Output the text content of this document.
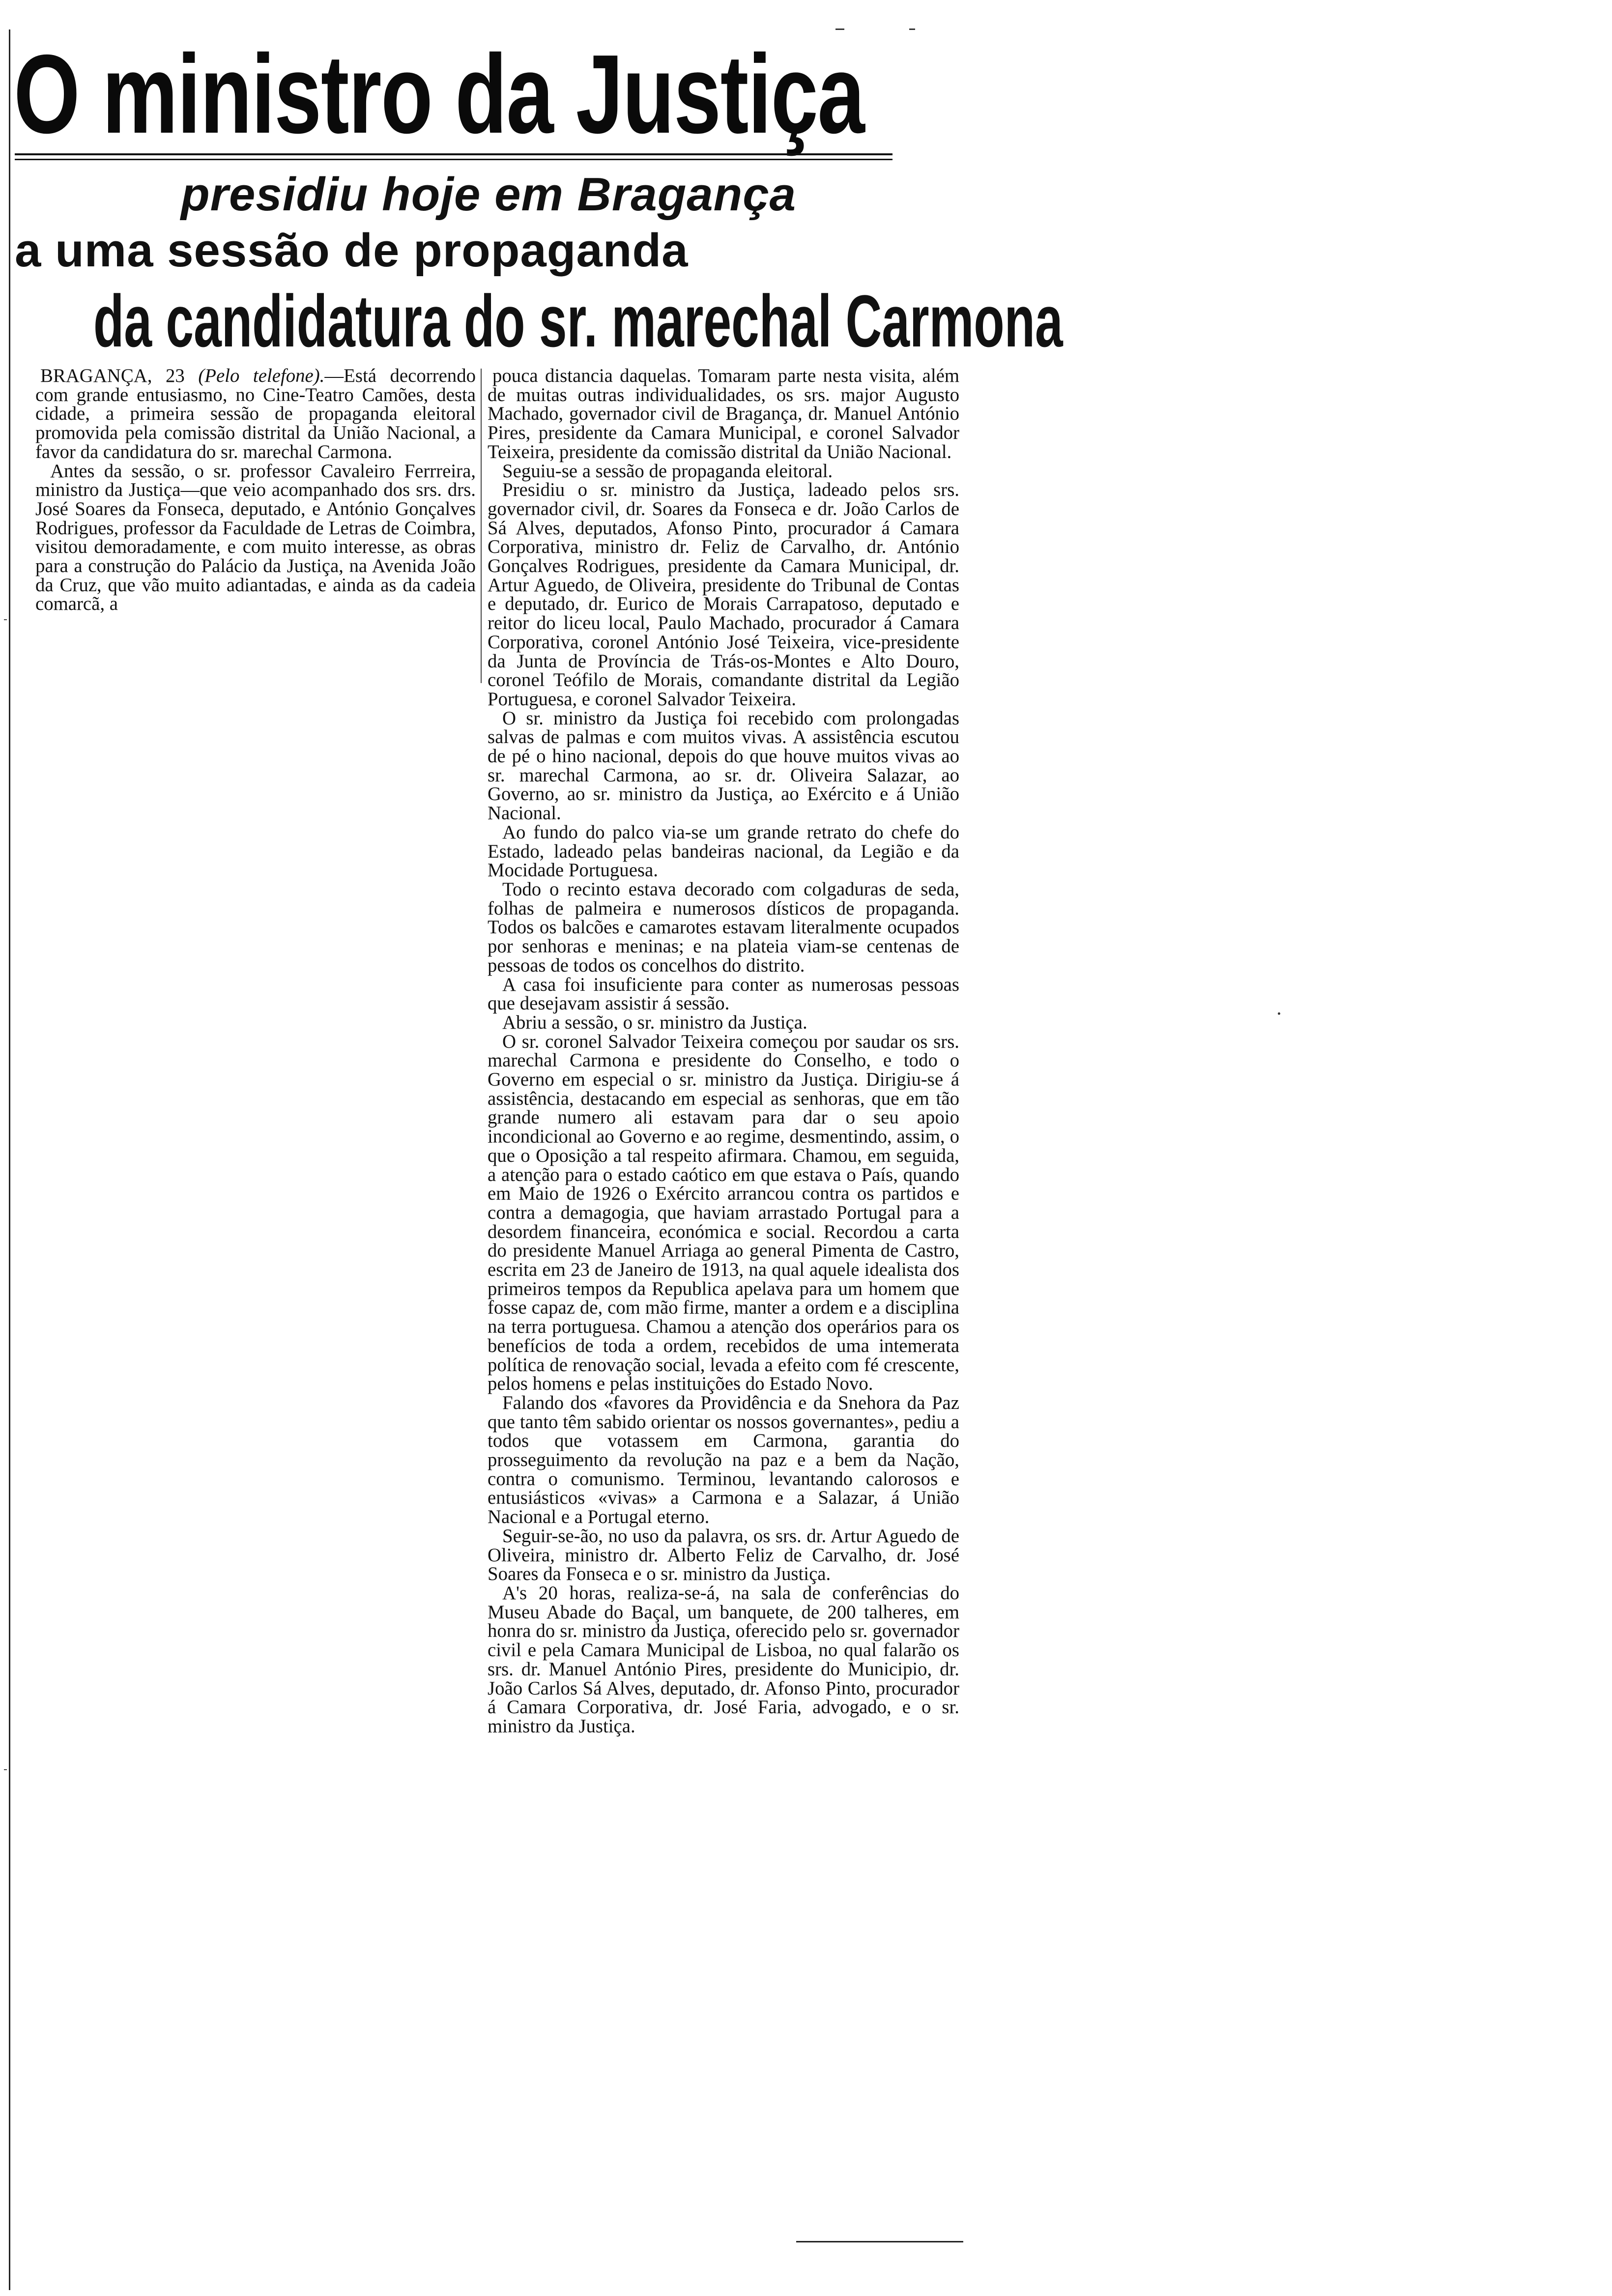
O ministro da Justiça
presidiu hoje em Bragança
a uma sessão de propaganda
da candidatura do sr. marechal Carmona

BRAGANÇA, 23 (Pelo telefone).—Está decorrendo com grande entusiasmo, no Cine-Teatro Camões, desta cidade, a primeira sessão de propaganda eleitoral promovida pela comissão distrital da União Nacional, a favor da candidatura do sr. marechal Carmona.

Antes da sessão, o sr. professor Cavaleiro Ferrreira, ministro da Justiça—que veio acompanhado dos srs. drs. José Soares da Fonseca, deputado, e António Gonçalves Rodrigues, professor da Faculdade de Letras de Coimbra, visitou demoradamente, e com muito interesse, as obras para a construção do Palácio da Justiça, na Avenida João da Cruz, que vão muito adiantadas, e ainda as da cadeia comarcã, a

pouca distancia daquelas. Tomaram parte nesta visita, além de muitas outras individualidades, os srs. major Augusto Machado, governador civil de Bragança, dr. Manuel António Pires, presidente da Camara Municipal, e coronel Salvador Teixeira, presidente da comissão distrital da União Nacional.

Seguiu-se a sessão de propaganda eleitoral.

Presidiu o sr. ministro da Justiça, ladeado pelos srs. governador civil, dr. Soares da Fonseca e dr. João Carlos de Sá Alves, deputados, Afonso Pinto, procurador á Camara Corporativa, ministro dr. Feliz de Carvalho, dr. António Gonçalves Rodrigues, presidente da Camara Municipal, dr. Artur Aguedo, de Oliveira, presidente do Tribunal de Contas e deputado, dr. Eurico de Morais Carrapatoso, deputado e reitor do liceu local, Paulo Machado, procurador á Camara Corporativa, coronel António José Teixeira, vice-presidente da Junta de Província de Trás-os-Montes e Alto Douro, coronel Teófilo de Morais, comandante distrital da Legião Portuguesa, e coronel Salvador Teixeira.

O sr. ministro da Justiça foi recebido com prolongadas salvas de palmas e com muitos vivas. A assistência escutou de pé o hino nacional, depois do que houve muitos vivas ao sr. marechal Carmona, ao sr. dr. Oliveira Salazar, ao Governo, ao sr. ministro da Justiça, ao Exército e á União Nacional.

Ao fundo do palco via-se um grande retrato do chefe do Estado, ladeado pelas bandeiras nacional, da Legião e da Mocidade Portuguesa.

Todo o recinto estava decorado com colgaduras de seda, folhas de palmeira e numerosos dísticos de propaganda. Todos os balcões e camarotes estavam literalmente ocupados por senhoras e meninas; e na plateia viam-se centenas de pessoas de todos os concelhos do distrito.

A casa foi insuficiente para conter as numerosas pessoas que desejavam assistir á sessão.

Abriu a sessão, o sr. ministro da Justiça.

O sr. coronel Salvador Teixeira começou por saudar os srs. marechal Carmona e presidente do Conselho, e todo o Governo em especial o sr. ministro da Justiça. Dirigiu-se á assistência, destacando em especial as senhoras, que em tão grande numero ali estavam para dar o seu apoio incondicional ao Governo e ao regime, desmentindo, assim, o que o Oposição a tal respeito afirmara. Chamou, em seguida, a atenção para o estado caótico em que estava o País, quando em Maio de 1926 o Exército arrancou contra os partidos e contra a demagogia, que haviam arrastado Portugal para a desordem financeira, económica e social. Recordou a carta do presidente Manuel Arriaga ao general Pimenta de Castro, escrita em 23 de Janeiro de 1913, na qual aquele idealista dos primeiros tempos da Republica apelava para um homem que fosse capaz de, com mão firme, manter a ordem e a disciplina na terra portuguesa. Chamou a atenção dos operários para os benefícios de toda a ordem, recebidos de uma intemerata política de renovação social, levada a efeito com fé crescente, pelos homens e pelas instituições do Estado Novo.

Falando dos «favores da Providência e da Snehora da Paz que tanto têm sabido orientar os nossos governantes», pediu a todos que votassem em Carmona, garantia do prosseguimento da revolução na paz e a bem da Nação, contra o comunismo. Terminou, levantando calorosos e entusiásticos «vivas» a Carmona e a Salazar, á União Nacional e a Portugal eterno.

Seguir-se-ão, no uso da palavra, os srs. dr. Artur Aguedo de Oliveira, ministro dr. Alberto Feliz de Carvalho, dr. José Soares da Fonseca e o sr. ministro da Justiça.

A's 20 horas, realiza-se-á, na sala de conferências do Museu Abade do Baçal, um banquete, de 200 talheres, em honra do sr. ministro da Justiça, oferecido pelo sr. governador civil e pela Camara Municipal de Lisboa, no qual falarão os srs. dr. Manuel António Pires, presidente do Municipio, dr. João Carlos Sá Alves, deputado, dr. Afonso Pinto, procurador á Camara Corporativa, dr. José Faria, advogado, e o sr. ministro da Justiça.
